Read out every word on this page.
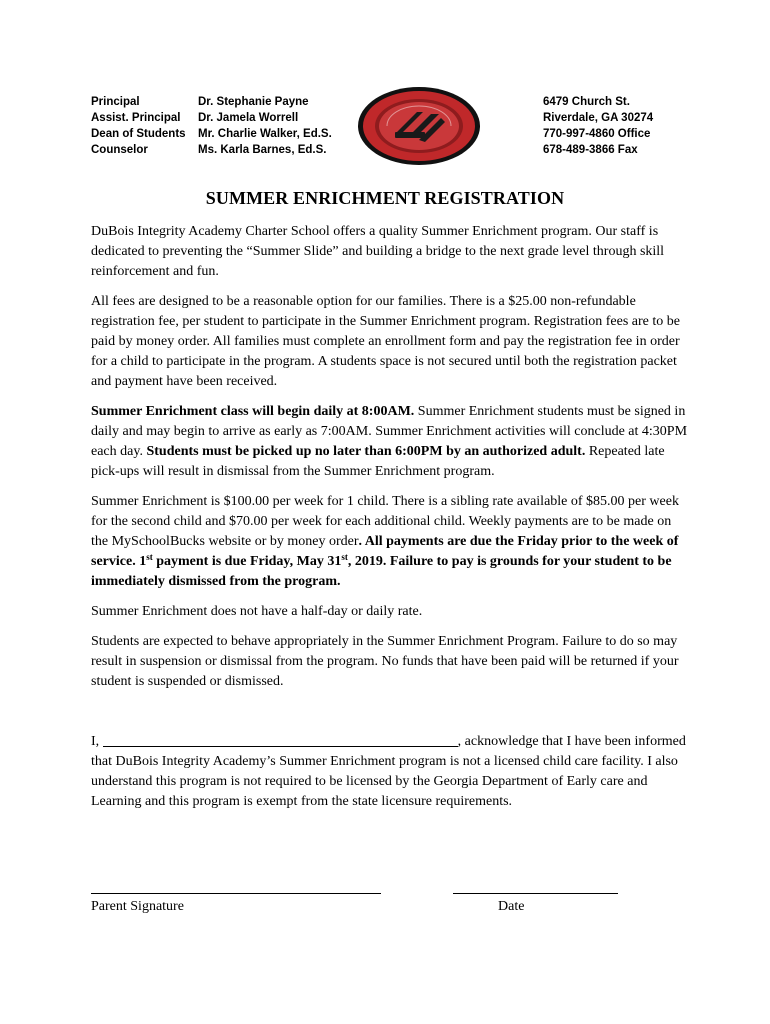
Principal
Assist. Principal
Dean of Students
Counselor
Dr. Stephanie Payne
Dr. Jamela Worrell
Mr. Charlie Walker, Ed.S.
Ms. Karla Barnes, Ed.S.
6479 Church St.
Riverdale, GA 30274
770-997-4860 Office
678-489-3866 Fax
SUMMER ENRICHMENT REGISTRATION

DuBois Integrity Academy Charter School offers a quality Summer Enrichment program. Our staff is dedicated to preventing the “Summer Slide” and building a bridge to the next grade level through skill reinforcement and fun.

All fees are designed to be a reasonable option for our families. There is a $25.00 non-refundable registration fee, per student to participate in the Summer Enrichment program. Registration fees are to be paid by money order. All families must complete an enrollment form and pay the registration fee in order for a child to participate in the program. A students space is not secured until both the registration packet and payment have been received.

Summer Enrichment class will begin daily at 8:00AM. Summer Enrichment students must be signed in daily and may begin to arrive as early as 7:00AM. Summer Enrichment activities will conclude at 4:30PM each day. Students must be picked up no later than 6:00PM by an authorized adult. Repeated late pick-ups will result in dismissal from the Summer Enrichment program.

Summer Enrichment is $100.00 per week for 1 child. There is a sibling rate available of $85.00 per week for the second child and $70.00 per week for each additional child. Weekly payments are to be made on the MySchoolBucks website or by money order. All payments are due the Friday prior to the week of service. 1st payment is due Friday, May 31st, 2019. Failure to pay is grounds for your student to be immediately dismissed from the program.

Summer Enrichment does not have a half-day or daily rate.

Students are expected to behave appropriately in the Summer Enrichment Program. Failure to do so may result in suspension or dismissal from the program. No funds that have been paid will be returned if your student is suspended or dismissed.

I,	, acknowledge that I have been informed that DuBois Integrity Academy’s Summer Enrichment program is not a licensed child care facility. I also understand this program is not required to be licensed by the Georgia Department of Early care and Learning and this program is exempt from the state licensure requirements.

Parent Signature	Date
